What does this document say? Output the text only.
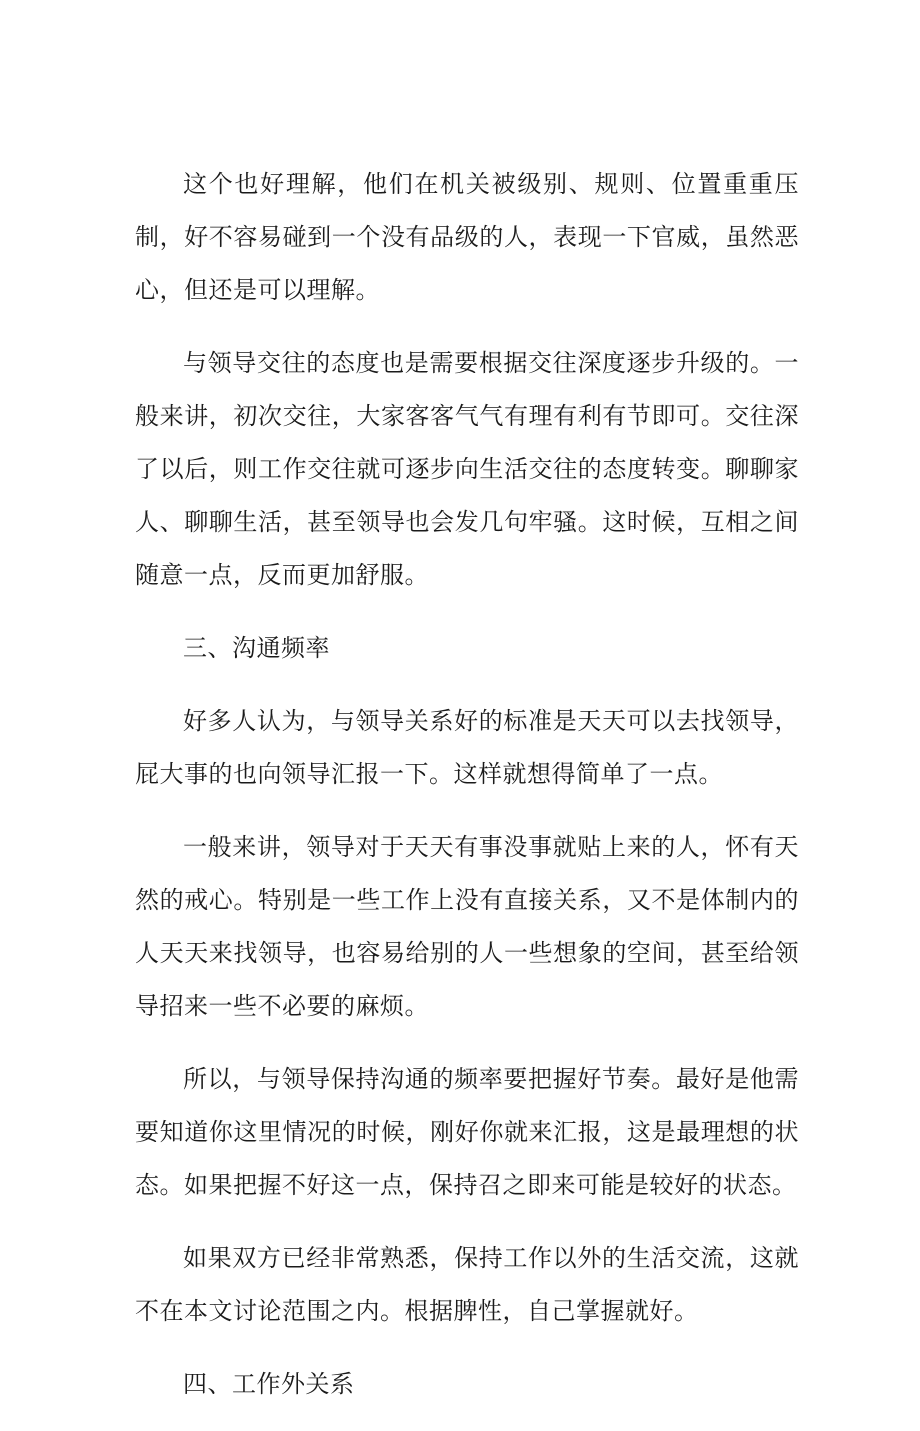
这个也好理解，他们在机关被级别、规则、位置重重压制，好不容易碰到一个没有品级的人，表现一下官威，虽然恶心，但还是可以理解。

与领导交往的态度也是需要根据交往深度逐步升级的。一般来讲，初次交往，大家客客气气有理有利有节即可。交往深了以后，则工作交往就可逐步向生活交往的态度转变。聊聊家人、聊聊生活，甚至领导也会发几句牢骚。这时候，互相之间随意一点，反而更加舒服。

三、沟通频率

好多人认为，与领导关系好的标准是天天可以去找领导，屁大事的也向领导汇报一下。这样就想得简单了一点。

一般来讲，领导对于天天有事没事就贴上来的人，怀有天然的戒心。特别是一些工作上没有直接关系，又不是体制内的人天天来找领导，也容易给别的人一些想象的空间，甚至给领导招来一些不必要的麻烦。

所以，与领导保持沟通的频率要把握好节奏。最好是他需要知道你这里情况的时候，刚好你就来汇报，这是最理想的状态。如果把握不好这一点，保持召之即来可能是较好的状态。

如果双方已经非常熟悉，保持工作以外的生活交流，这就不在本文讨论范围之内。根据脾性，自己掌握就好。

四、工作外关系
